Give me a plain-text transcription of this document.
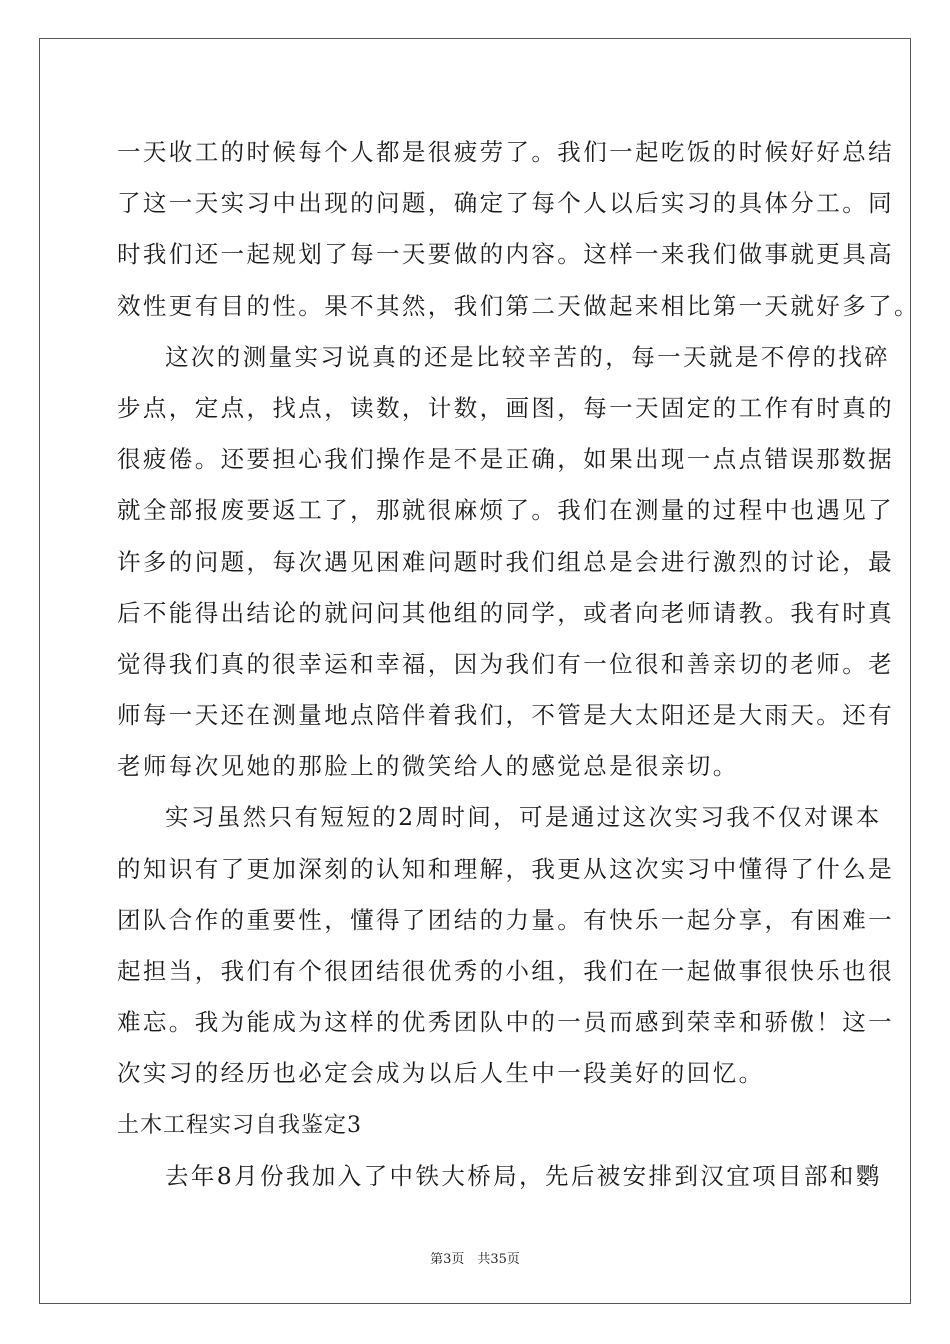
一天收工的时候每个人都是很疲劳了。我们一起吃饭的时候好好总结
了这一天实习中出现的问题，确定了每个人以后实习的具体分工。同
时我们还一起规划了每一天要做的内容。这样一来我们做事就更具高
效性更有目的性。果不其然，我们第二天做起来相比第一天就好多了。
这次的测量实习说真的还是比较辛苦的，每一天就是不停的找碎
步点，定点，找点，读数，计数，画图，每一天固定的工作有时真的
很疲倦。还要担心我们操作是不是正确，如果出现一点点错误那数据
就全部报废要返工了，那就很麻烦了。我们在测量的过程中也遇见了
许多的问题，每次遇见困难问题时我们组总是会进行激烈的讨论，最
后不能得出结论的就问问其他组的同学，或者向老师请教。我有时真
觉得我们真的很幸运和幸福，因为我们有一位很和善亲切的老师。老
师每一天还在测量地点陪伴着我们，不管是大太阳还是大雨天。还有
老师每次见她的那脸上的微笑给人的感觉总是很亲切。
实习虽然只有短短的2周时间，可是通过这次实习我不仅对课本
的知识有了更加深刻的认知和理解，我更从这次实习中懂得了什么是
团队合作的重要性，懂得了团结的力量。有快乐一起分享，有困难一
起担当，我们有个很团结很优秀的小组，我们在一起做事很快乐也很
难忘。我为能成为这样的优秀团队中的一员而感到荣幸和骄傲！这一
次实习的经历也必定会成为以后人生中一段美好的回忆。
土木工程实习自我鉴定3
去年8月份我加入了中铁大桥局，先后被安排到汉宜项目部和鹦
第3页　共35页
